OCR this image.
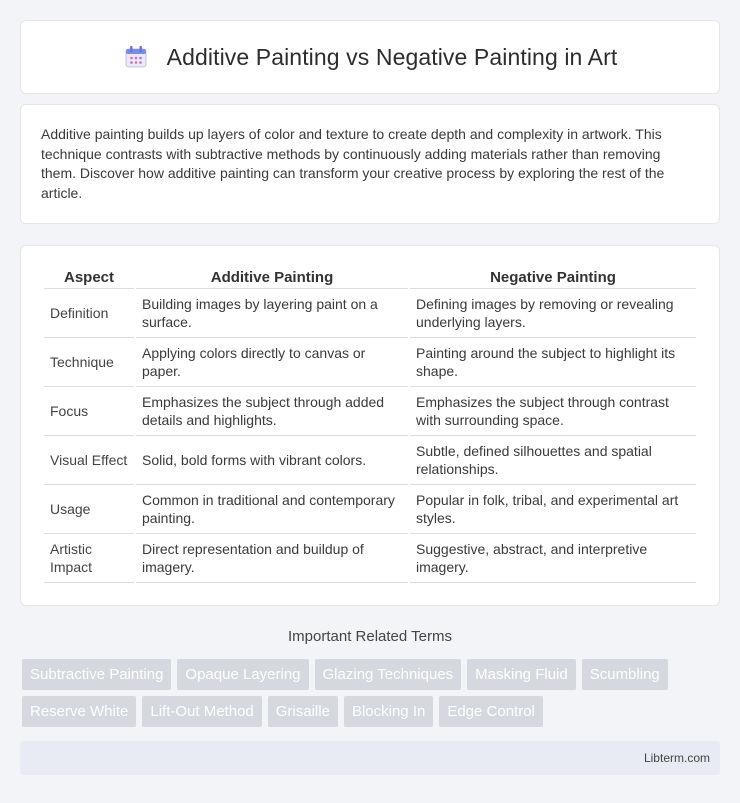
Additive Painting vs Negative Painting in Art

Additive painting builds up layers of color and texture to create depth and complexity in artwork. This technique contrasts with subtractive methods by continuously adding materials rather than removing them. Discover how additive painting can transform your creative process by exploring the rest of the article.

Aspect	Additive Painting	Negative Painting
Definition	Building images by layering paint on a surface.	Defining images by removing or revealing underlying layers.
Technique	Applying colors directly to canvas or paper.	Painting around the subject to highlight its shape.
Focus	Emphasizes the subject through added details and highlights.	Emphasizes the subject through contrast with surrounding space.
Visual Effect	Solid, bold forms with vibrant colors.	Subtle, defined silhouettes and spatial relationships.
Usage	Common in traditional and contemporary painting.	Popular in folk, tribal, and experimental art styles.
Artistic Impact	Direct representation and buildup of imagery.	Suggestive, abstract, and interpretive imagery.
Important Related Terms
Subtractive Painting	Opaque Layering	Glazing Techniques	Masking Fluid	Scumbling
Reserve White	Lift-Out Method	Grisaille	Blocking In	Edge Control
Libterm.com
